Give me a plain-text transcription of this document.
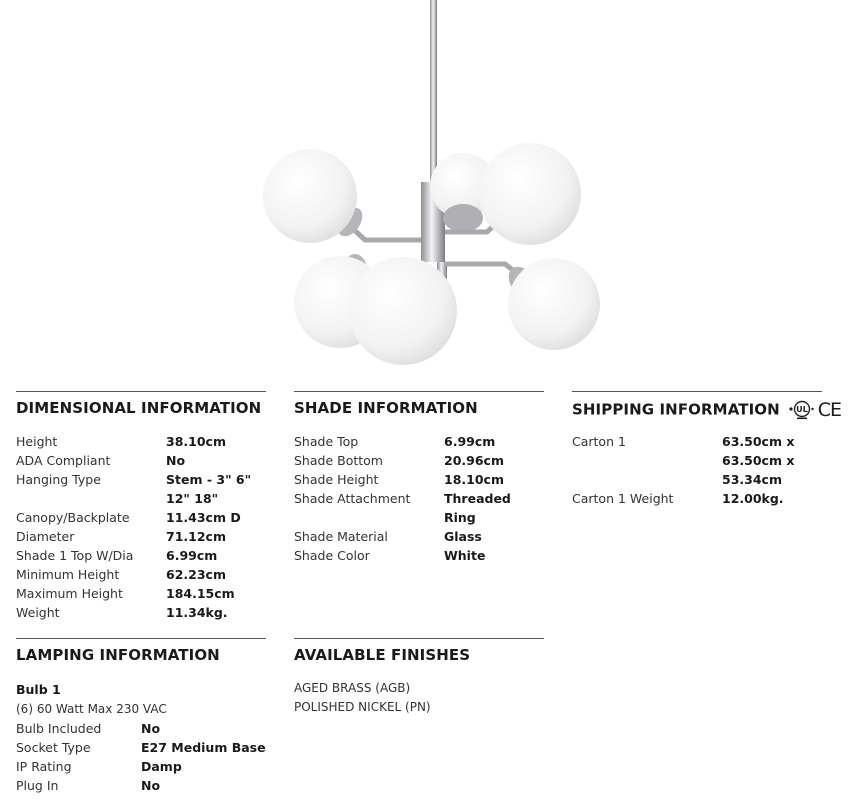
DIMENSIONAL INFORMATION
Height	38.10cm
ADA Compliant	No
Hanging Type	Stem - 3" 6" 12" 18"
Canopy/Backplate	11.43cm D
Diameter	71.12cm
Shade 1 Top W/Dia	6.99cm
Minimum Height	62.23cm
Maximum Height	184.15cm
Weight	11.34kg.
SHADE INFORMATION
Shade Top	6.99cm
Shade Bottom	20.96cm
Shade Height	18.10cm
Shade Attachment	Threaded Ring
Shade Material	Glass
Shade Color	White
SHIPPING INFORMATION UL CE
Carton 1	63.50cm x 63.50cm x 53.34cm
Carton 1 Weight	12.00kg.
LAMPING INFORMATION
Bulb 1
(6) 60 Watt Max 230 VAC
Bulb Included	No
Socket Type	E27 Medium Base
IP Rating	Damp
Plug In	No
AVAILABLE FINISHES
AGED BRASS (AGB)
POLISHED NICKEL (PN)
